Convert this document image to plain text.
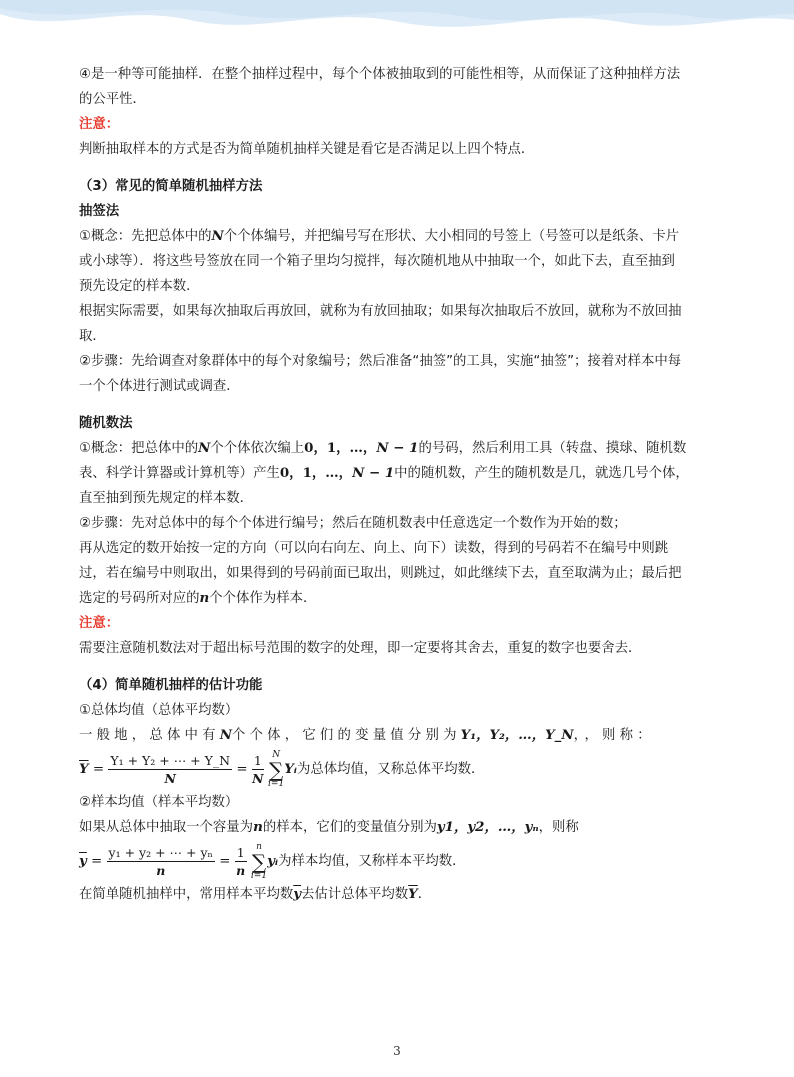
④是一种等可能抽样．在整个抽样过程中，每个个体被抽取到的可能性相等，从而保证了这种抽样方法
的公平性．
注意：
判断抽取样本的方式是否为简单随机抽样关键是看它是否满足以上四个特点．
（3）常见的简单随机抽样方法
抽签法
①概念：先把总体中的N个个体编号，并把编号写在形状、大小相同的号签上（号签可以是纸条、卡片
或小球等）．将这些号签放在同一个箱子里均匀搅拌，每次随机地从中抽取一个，如此下去，直至抽到
预先设定的样本数．
根据实际需要，如果每次抽取后再放回，就称为有放回抽取；如果每次抽取后不放回，就称为不放回抽
取．
②步骤：先给调查对象群体中的每个对象编号；然后准备“抽签”的工具，实施“抽签”；接着对样本中每
一个个体进行测试或调查．
随机数法
①概念：把总体中的N个个体依次编上0，1，…，N − 1的号码，然后利用工具（转盘、摸球、随机数
表、科学计算器或计算机等）产生0，1，…，N − 1中的随机数，产生的随机数是几，就选几号个体，
直至抽到预先规定的样本数．
②步骤：先对总体中的每个个体进行编号；然后在随机数表中任意选定一个数作为开始的数；
再从选定的数开始按一定的方向（可以向右向左、向上、向下）读数，得到的号码若不在编号中则跳
过，若在编号中则取出，如果得到的号码前面已取出，则跳过，如此继续下去，直至取满为止；最后把
选定的号码所对应的n个个体作为样本．
注意：
需要注意随机数法对于超出标号范围的数字的处理，即一定要将其舍去，重复的数字也要舍去．
（4）简单随机抽样的估计功能
①总体均值（总体平均数）
一般地，总体中有N个个体，它们的变量值分别为Y₁，Y₂，…，Y_N，，则称：
$\overline{Y} = \frac{\text{Y₁ + Y₂ + ⋯ + Y\_N}}{N} = \frac{1}{N}$
N
∑
i=1
Yᵢ为总体均值，又称总体平均数．
②样本均值（样本平均数）
如果从总体中抽取一个容量为n的样本，它们的变量值分别为y1，y2，…，yₙ，则称
$\overline{y} = \frac{\text{y₁ + y₂ + ⋯ + yₙ}}{n} = \frac{1}{n}$
	n
∑
i=1
yᵢ为样本均值，又称样本平均数．
在简单随机抽样中，常用样本平均数$\overline{y}$去估计总体平均数$\overline{Y}$．
3
